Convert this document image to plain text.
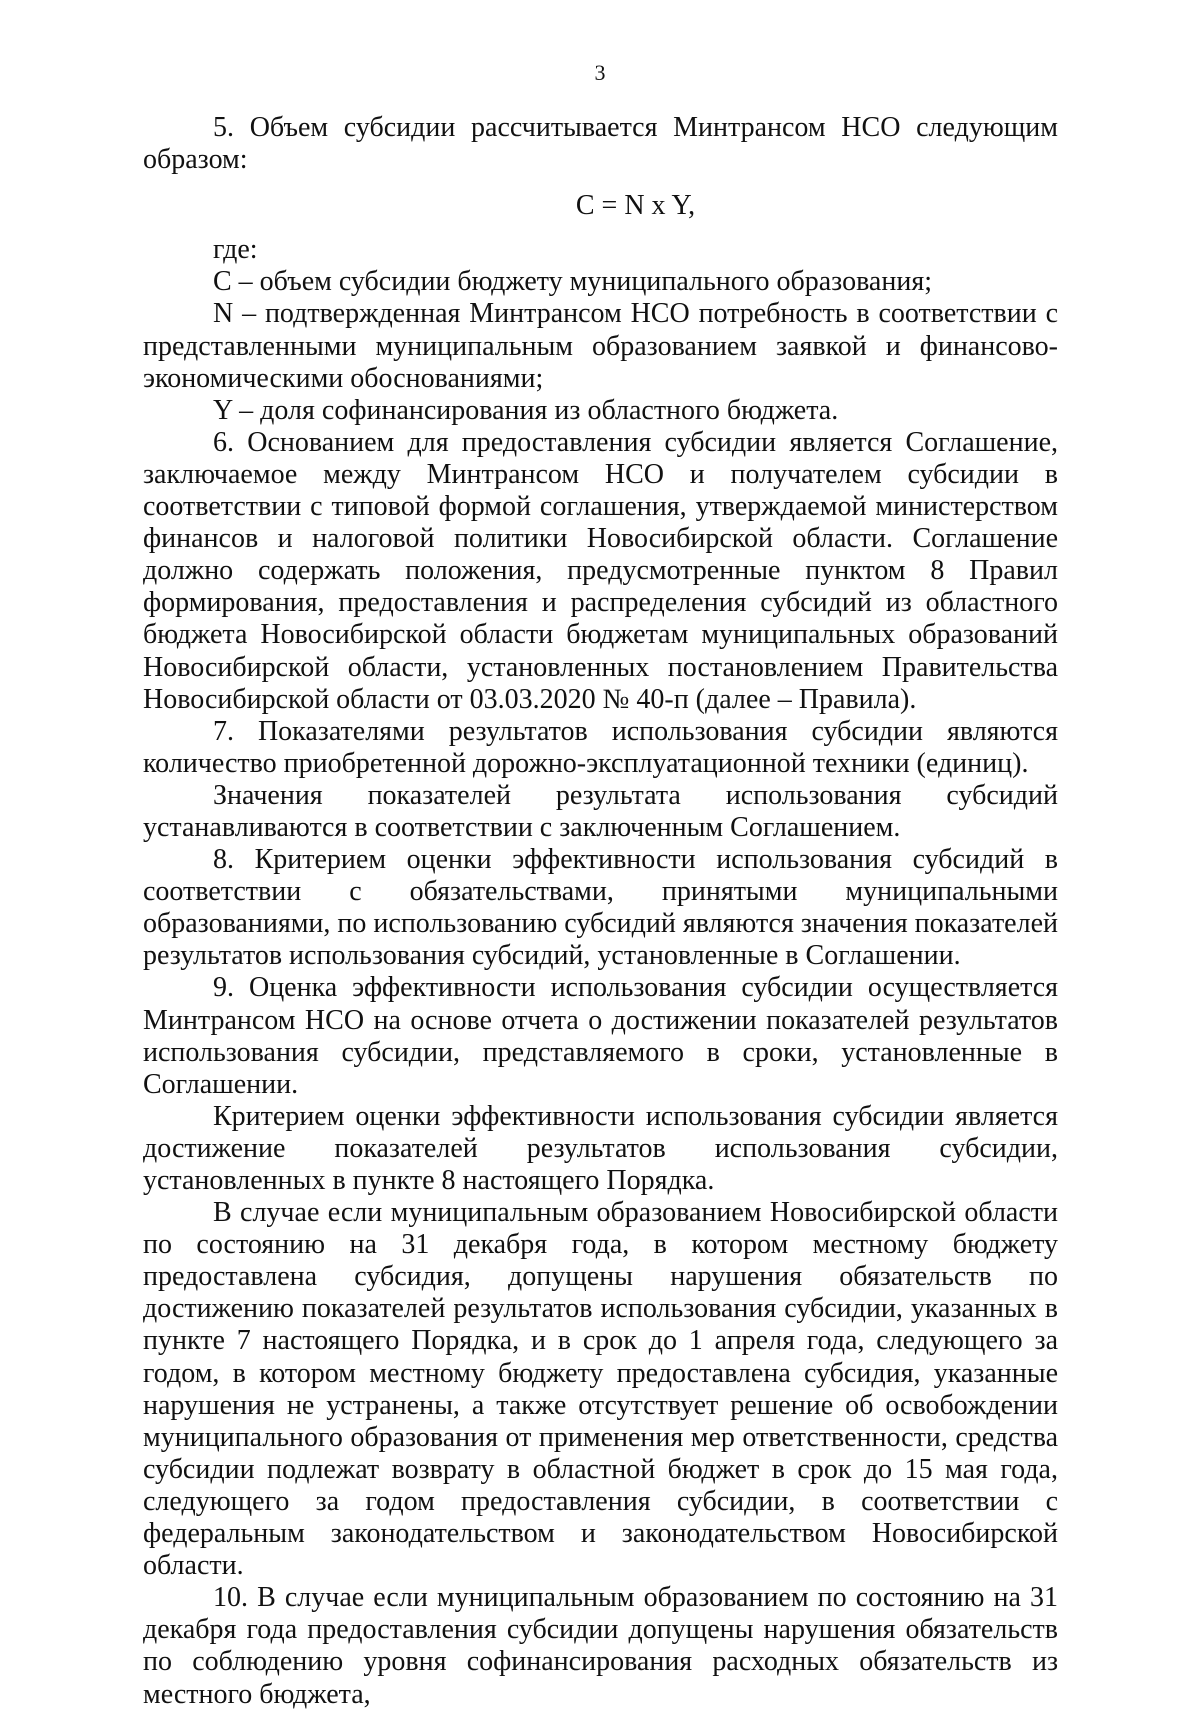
3

5. Объем субсидии рассчитывается Минтрансом НСО следующим образом:

С = N x Y,

где:

С – объем субсидии бюджету муниципального образования;

N – подтвержденная Минтрансом НСО потребность в соответствии с представленными муниципальным образованием заявкой и финансово-экономическими обоснованиями;

Y – доля софинансирования из областного бюджета.

6. Основанием для предоставления субсидии является Соглашение, заключаемое между Минтрансом НСО и получателем субсидии в соответствии с типовой формой соглашения, утверждаемой министерством финансов и налоговой политики Новосибирской области. Соглашение должно содержать положения, предусмотренные пунктом 8 Правил формирования, предоставления и распределения субсидий из областного бюджета Новосибирской области бюджетам муниципальных образований Новосибирской области, установленных постановлением Правительства Новосибирской области от 03.03.2020 № 40-п (далее – Правила).

7. Показателями результатов использования субсидии являются количество приобретенной дорожно-эксплуатационной техники (единиц).

Значения показателей результата использования субсидий устанавливаются в соответствии с заключенным Соглашением.

8. Критерием оценки эффективности использования субсидий в соответствии с обязательствами, принятыми муниципальными образованиями, по использованию субсидий являются значения показателей результатов использования субсидий, установленные в Соглашении.

9. Оценка эффективности использования субсидии осуществляется Минтрансом НСО на основе отчета о достижении показателей результатов использования субсидии, представляемого в сроки, установленные в Соглашении.

Критерием оценки эффективности использования субсидии является достижение показателей результатов использования субсидии, установленных в пункте 8 настоящего Порядка.

В случае если муниципальным образованием Новосибирской области по состоянию на 31 декабря года, в котором местному бюджету предоставлена субсидия, допущены нарушения обязательств по достижению показателей результатов использования субсидии, указанных в пункте 7 настоящего Порядка, и в срок до 1 апреля года, следующего за годом, в котором местному бюджету предоставлена субсидия, указанные нарушения не устранены, а также отсутствует решение об освобождении муниципального образования от применения мер ответственности, средства субсидии подлежат возврату в областной бюджет в срок до 15 мая года, следующего за годом предоставления субсидии, в соответствии с федеральным законодательством и законодательством Новосибирской области.

10. В случае если муниципальным образованием по состоянию на 31 декабря года предоставления субсидии допущены нарушения обязательств по соблюдению уровня софинансирования расходных обязательств из местного бюджета,
